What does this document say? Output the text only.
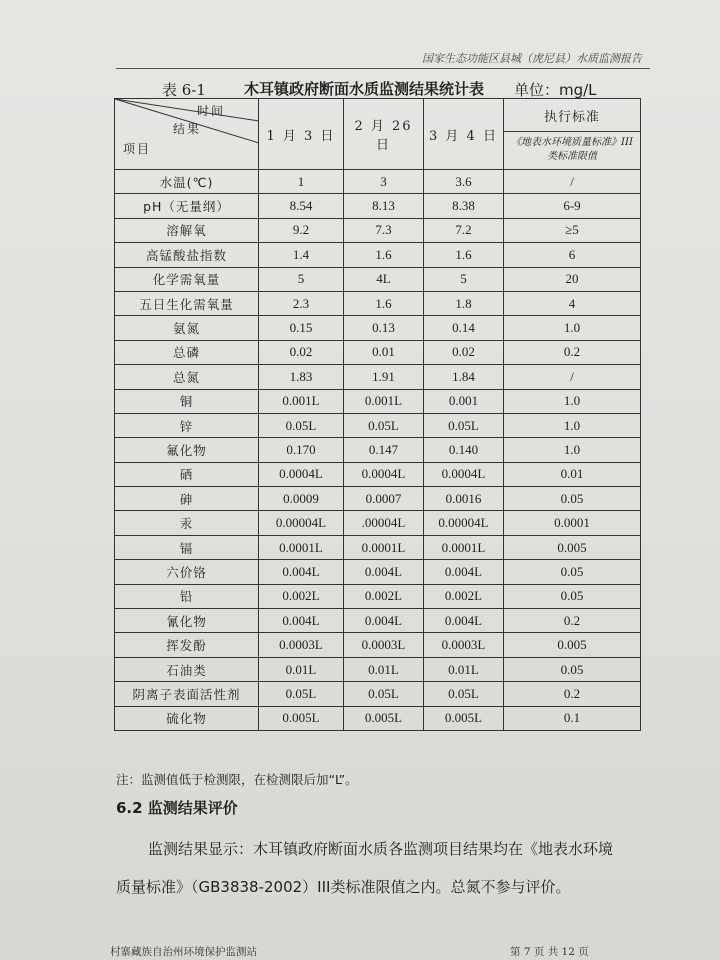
国家生态功能区县城（虎尼县）水质监测报告
表 6-1	木耳镇政府断面水质监测结果统计表 单位：mg/L
时间
结果
项目	1 月 3 日	2 月 26 日	3 月 4 日	执行标准
《地表水环境质量标准》III类标准限值

水温(℃)	1	3	3.6	/
pH（无量纲）	8.54	8.13	8.38	6-9
溶解氧	9.2	7.3	7.2	≥5
高锰酸盐指数	1.4	1.6	1.6	6
化学需氧量	5	4L	5	20
五日生化需氧量	2.3	1.6	1.8	4
氨氮	0.15	0.13	0.14	1.0
总磷	0.02	0.01	0.02	0.2
总氮	1.83	1.91	1.84	/
铜	0.001L	0.001L	0.001	1.0
锌	0.05L	0.05L	0.05L	1.0
氟化物	0.170	0.147	0.140	1.0
硒	0.0004L	0.0004L	0.0004L	0.01
砷	0.0009	0.0007	0.0016	0.05
汞	0.00004L	.00004L	0.00004L	0.0001
镉	0.0001L	0.0001L	0.0001L	0.005
六价铬	0.004L	0.004L	0.004L	0.05
铅	0.002L	0.002L	0.002L	0.05
氰化物	0.004L	0.004L	0.004L	0.2
挥发酚	0.0003L	0.0003L	0.0003L	0.005
石油类	0.01L	0.01L	0.01L	0.05
阴离子表面活性剂	0.05L	0.05L	0.05L	0.2
硫化物	0.005L	0.005L	0.005L	0.1
注：监测值低于检测限，在检测限后加“L”。
6.2 监测结果评价
监测结果显示：木耳镇政府断面水质各监测项目结果均在《地表水环境质量标准》（GB3838-2002）III类标准限值之内。总氮不参与评价。
村寨藏族自治州环境保护监测站	第 7 页 共 12 页
